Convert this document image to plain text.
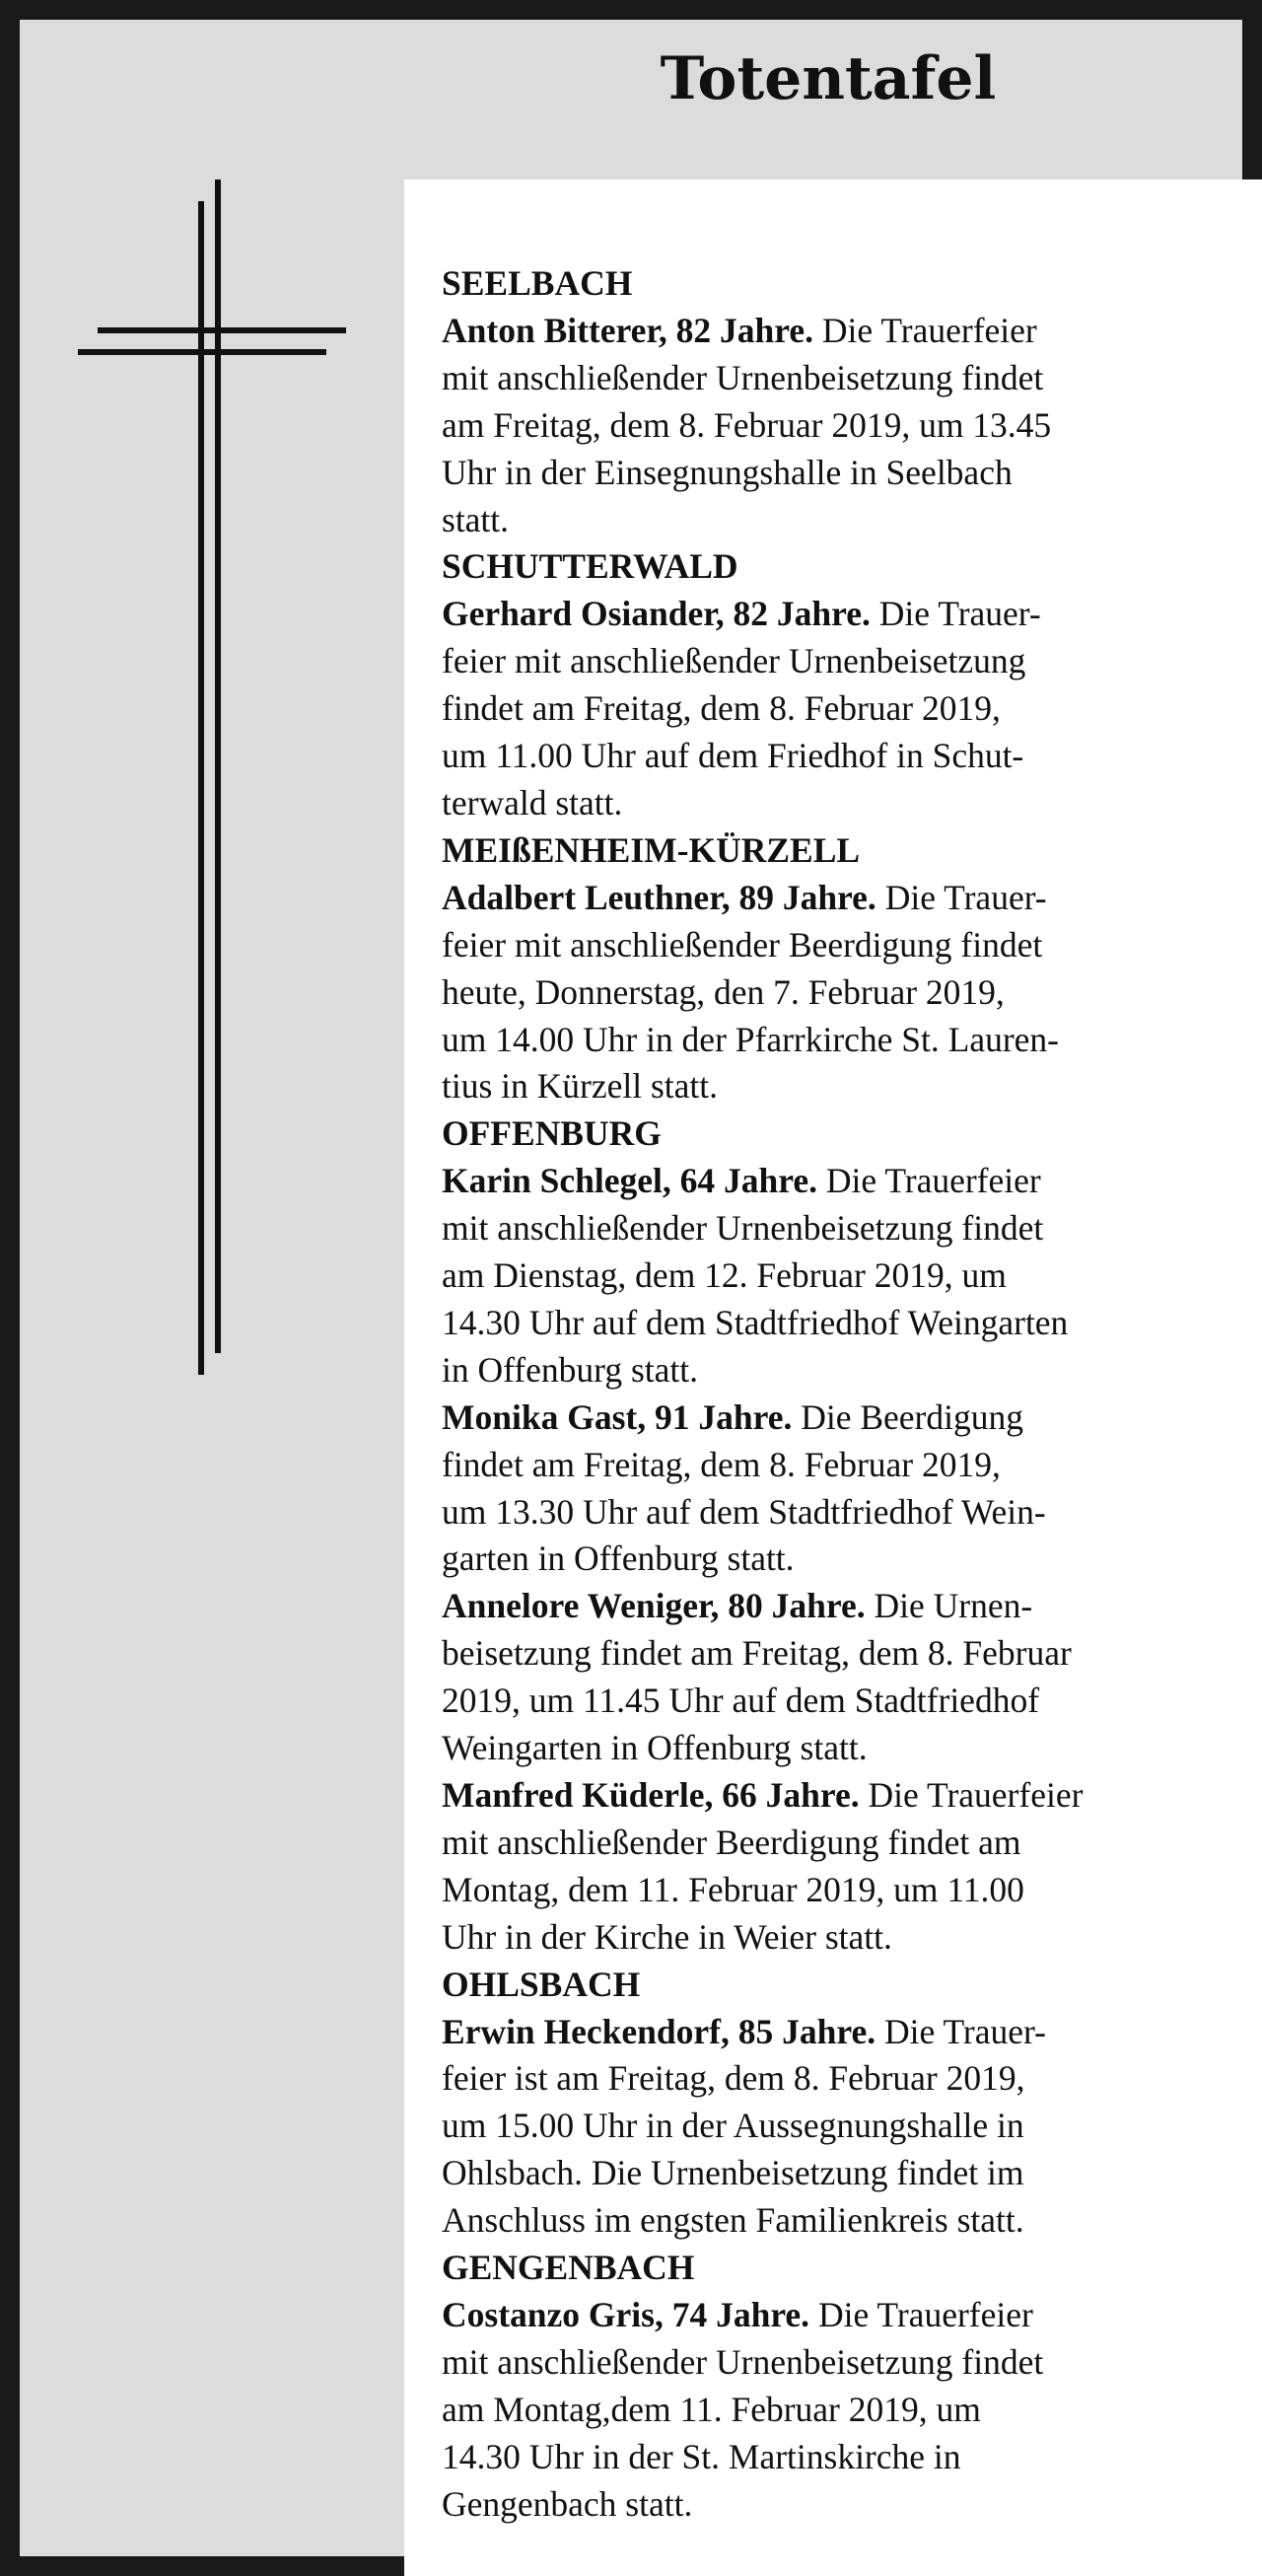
Totentafel
SEELBACH
Anton Bitterer, 82 Jahre. Die Trauerfeier
mit anschließender Urnenbeisetzung findet
am Freitag, dem 8. Februar 2019, um 13.45
Uhr in der Einsegnungshalle in Seelbach
statt.
SCHUTTERWALD
Gerhard Osiander, 82 Jahre. Die Trauer-
feier mit anschließender Urnenbeisetzung
findet am Freitag, dem 8. Februar 2019,
um 11.00 Uhr auf dem Friedhof in Schut-
terwald statt.
MEIßENHEIM-KÜRZELL
Adalbert Leuthner, 89 Jahre. Die Trauer-
feier mit anschließender Beerdigung findet
heute, Donnerstag, den 7. Februar 2019,
um 14.00 Uhr in der Pfarrkirche St. Lauren-
tius in Kürzell statt.
OFFENBURG
Karin Schlegel, 64 Jahre. Die Trauerfeier
mit anschließender Urnenbeisetzung findet
am Dienstag, dem 12. Februar 2019, um
14.30 Uhr auf dem Stadtfriedhof Weingarten
in Offenburg statt.
Monika Gast, 91 Jahre. Die Beerdigung
findet am Freitag, dem 8. Februar 2019,
um 13.30 Uhr auf dem Stadtfriedhof Wein-
garten in Offenburg statt.
Annelore Weniger, 80 Jahre. Die Urnen-
beisetzung findet am Freitag, dem 8. Februar
2019, um 11.45 Uhr auf dem Stadtfriedhof
Weingarten in Offenburg statt.
Manfred Küderle, 66 Jahre. Die Trauerfeier
mit anschließender Beerdigung findet am
Montag, dem 11. Februar 2019, um 11.00
Uhr in der Kirche in Weier statt.
OHLSBACH
Erwin Heckendorf, 85 Jahre. Die Trauer-
feier ist am Freitag, dem 8. Februar 2019,
um 15.00 Uhr in der Aussegnungshalle in
Ohlsbach. Die Urnenbeisetzung findet im
Anschluss im engsten Familienkreis statt.
GENGENBACH
Costanzo Gris, 74 Jahre. Die Trauerfeier
mit anschließender Urnenbeisetzung findet
am Montag,dem 11. Februar 2019, um
14.30 Uhr in der St. Martinskirche in
Gengenbach statt.
